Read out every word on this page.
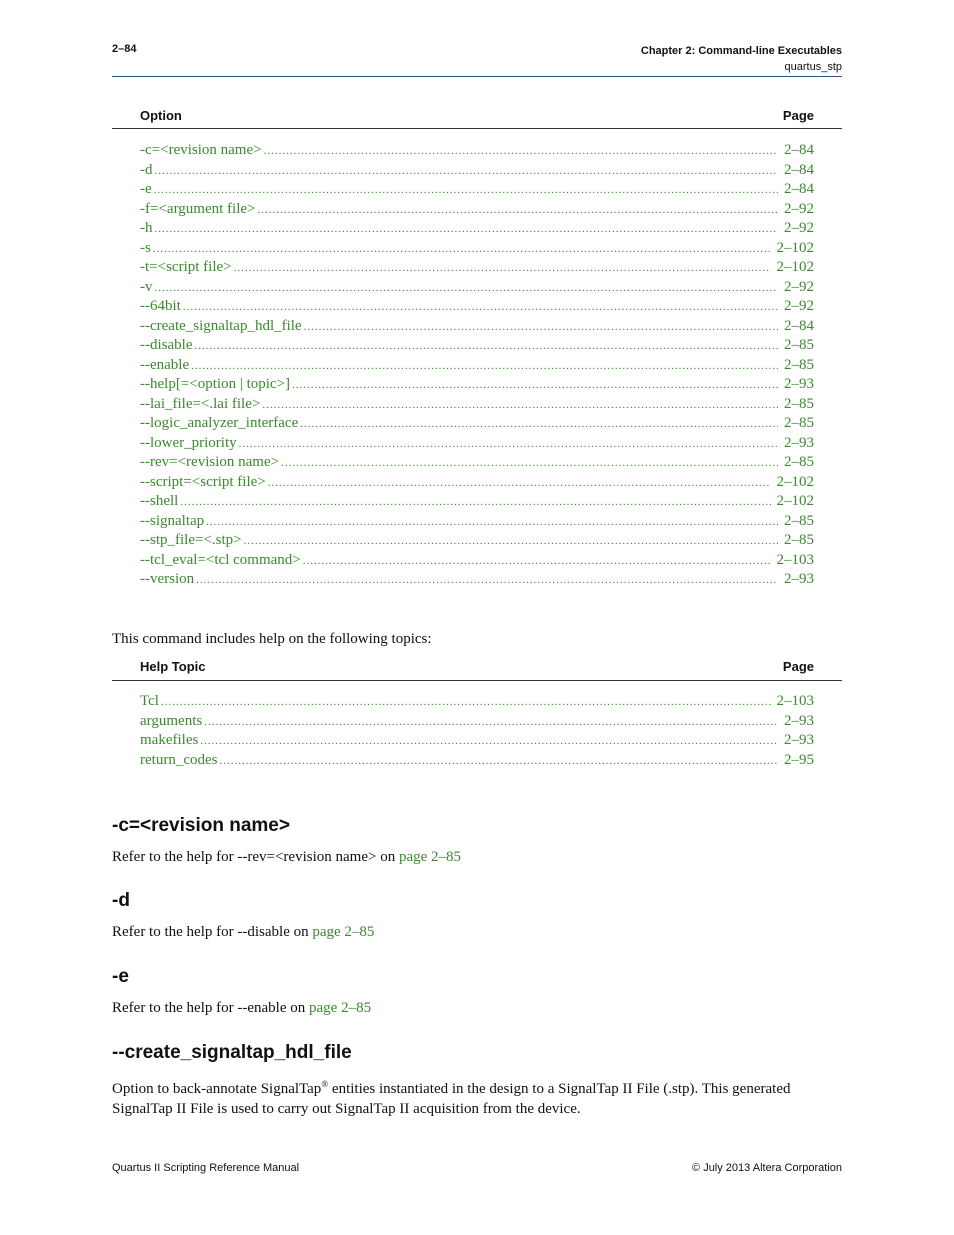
2–84	Chapter 2: Command-line Executables
quartus_stp
Option	Page
-c=<revision name> .....	2–84
-d .....	2–84
-e .....	2–84
-f=<argument file> .....	2–92
-h .....	2–92
-s .....	2–102
-t=<script file> .....	2–102
-v .....	2–92
--64bit .....	2–92
--create_signaltap_hdl_file .....	2–84
--disable .....	2–85
--enable .....	2–85
--help[=<option | topic>] .....	2–93
--lai_file=<.lai file> .....	2–85
--logic_analyzer_interface .....	2–85
--lower_priority .....	2–93
--rev=<revision name> .....	2–85
--script=<script file> .....	2–102
--shell .....	2–102
--signaltap .....	2–85
--stp_file=<.stp> .....	2–85
--tcl_eval=<tcl command> .....	2–103
--version .....	2–93
This command includes help on the following topics:
Help Topic	Page
Tcl .....	2–103
arguments .....	2–93
makefiles .....	2–93
return_codes .....	2–95
-c=<revision name>
Refer to the help for --rev=<revision name> on page 2–85
-d
Refer to the help for --disable on page 2–85
-e
Refer to the help for --enable on page 2–85
--create_signaltap_hdl_file
Option to back-annotate SignalTap® entities instantiated in the design to a SignalTap II File (.stp). This generated SignalTap II File is used to carry out SignalTap II acquisition from the device.
Quartus II Scripting Reference Manual	© July 2013 Altera Corporation
